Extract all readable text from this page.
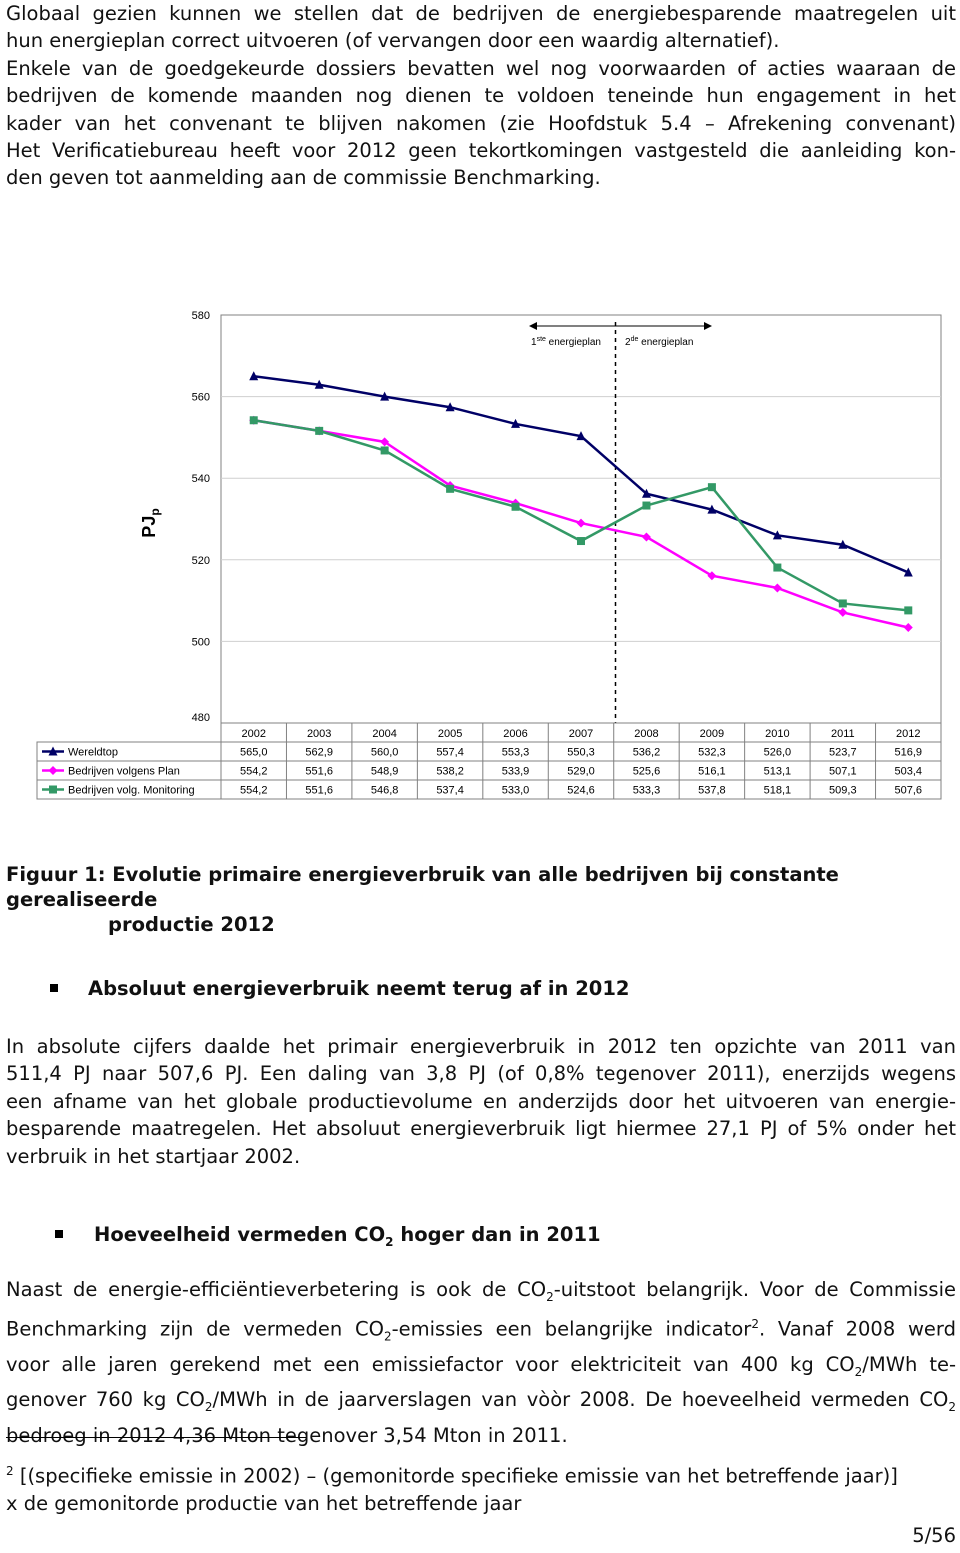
Globaal gezien kunnen we stellen dat de bedrijven de energiebesparende maatregelen uit
hun energieplan correct uitvoeren (of vervangen door een waardig alternatief).
Enkele van de goedgekeurde dossiers bevatten wel nog voorwaarden of acties waaraan de
bedrijven de komende maanden nog dienen te voldoen teneinde hun engagement in het
kader van het convenant te blijven nakomen (zie Hoofdstuk 5.4 – Afrekening convenant)
Het Verificatiebureau heeft voor 2012 geen tekortkomingen vastgesteld die aanleiding kon-
den geven tot aanmelding aan de commissie Benchmarking.
580
560
540
520
500
480
$PJ_p$
1ste energieplan 2de energieplan
2002	2003	2004	2005	2006	2007	2008	2009	2010	2011	2012
Wereldtop	565,0	562,9	560,0	557,4	553,3	550,3	536,2	532,3	526,0	523,7	516,9
Bedrijven volgens Plan	554,2	551,6	548,9	538,2	533,9	529,0	525,6	516,1	513,1	507,1	503,4
Bedrijven volg. Monitoring	554,2	551,6	546,8	537,4	533,0	524,6	533,3	537,8	518,1	509,3	507,6
Figuur 1: Evolutie primaire energieverbruik van alle bedrijven bij constante gerealiseerde
productie 2012
Absoluut energieverbruik neemt terug af in 2012
In absolute cijfers daalde het primair energieverbruik in 2012 ten opzichte van 2011 van
511,4 PJ naar 507,6 PJ. Een daling van 3,8 PJ (of 0,8% tegenover 2011), enerzijds wegens
een afname van het globale productievolume en anderzijds door het uitvoeren van energie-
besparende maatregelen. Het absoluut energieverbruik ligt hiermee 27,1 PJ of 5% onder het
verbruik in het startjaar 2002.
Hoeveelheid vermeden $CO_2$ hoger dan in 2011
Naast de energie-efficiëntieverbetering is ook de $CO_2$-uitstoot belangrijk. Voor de Commissie
Benchmarking zijn de vermeden $CO_2$-emissies een belangrijke indicator$^2$. Vanaf 2008 werd
voor alle jaren gerekend met een emissiefactor voor elektriciteit van 400 kg $CO_2$/MWh te-
genover 760 kg $CO_2$/MWh in de jaarverslagen van vòòr 2008. De hoeveelheid vermeden $CO_2$
bedroeg in 2012 4,36 Mton tegenover 3,54 Mton in 2011.
$^2$ [(specifieke emissie in 2002) – (gemonitorde specifieke emissie van het betreffende jaar)]
x de gemonitorde productie van het betreffende jaar
5/56
